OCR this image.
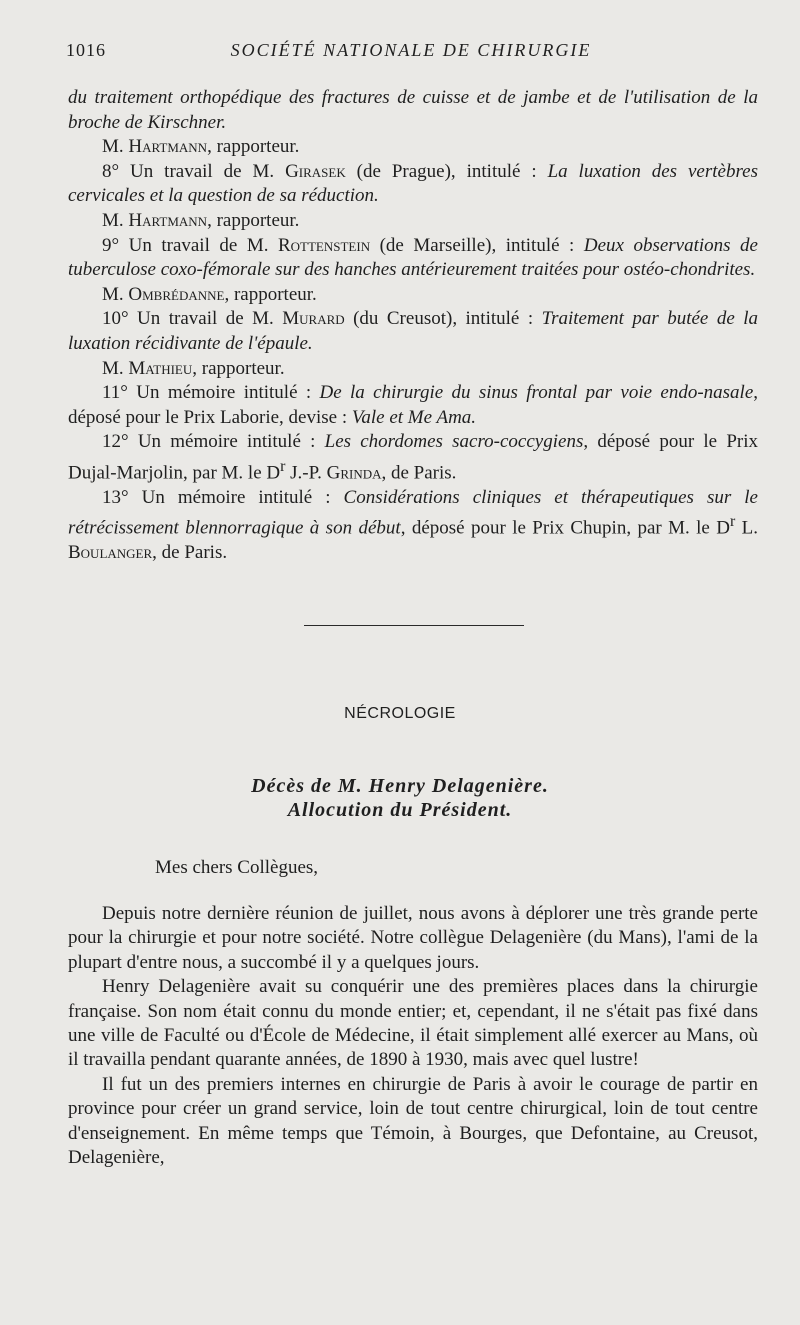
1016	SOCIÉTÉ NATIONALE DE CHIRURGIE

du traitement orthopédique des fractures de cuisse et de jambe et de l'utilisation de la broche de Kirschner.

M. Hartmann, rapporteur.

8° Un travail de M. Girasek (de Prague), intitulé : La luxation des vertèbres cervicales et la question de sa réduction.

M. Hartmann, rapporteur.

9° Un travail de M. Rottenstein (de Marseille), intitulé : Deux observations de tuberculose coxo-fémorale sur des hanches antérieurement traitées pour ostéo-chondrites.

M. Ombrédanne, rapporteur.

10° Un travail de M. Murard (du Creusot), intitulé : Traitement par butée de la luxation récidivante de l'épaule.

M. Mathieu, rapporteur.

11° Un mémoire intitulé : De la chirurgie du sinus frontal par voie endo-nasale, déposé pour le Prix Laborie, devise : Vale et Me Ama.

12° Un mémoire intitulé : Les chordomes sacro-coccygiens, déposé pour le Prix Dujal-Marjolin, par M. le $D^r$ J.-P. Grinda, de Paris.

13° Un mémoire intitulé : Considérations cliniques et thérapeutiques sur le rétrécissement blennorragique à son début, déposé pour le Prix Chupin, par M. le $D^r$ L. Boulanger, de Paris.

NÉCROLOGIE
Décès de M. Henry Delagenière.
Allocution du Président.
Mes chers Collègues,

Depuis notre dernière réunion de juillet, nous avons à déplorer une très grande perte pour la chirurgie et pour notre société. Notre collègue Delagenière (du Mans), l'ami de la plupart d'entre nous, a succombé il y a quelques jours.

Henry Delagenière avait su conquérir une des premières places dans la chirurgie française. Son nom était connu du monde entier; et, cependant, il ne s'était pas fixé dans une ville de Faculté ou d'École de Médecine, il était simplement allé exercer au Mans, où il travailla pendant quarante années, de 1890 à 1930, mais avec quel lustre!

Il fut un des premiers internes en chirurgie de Paris à avoir le courage de partir en province pour créer un grand service, loin de tout centre chirurgical, loin de tout centre d'enseignement. En même temps que Témoin, à Bourges, que Defontaine, au Creusot, Delagenière,
